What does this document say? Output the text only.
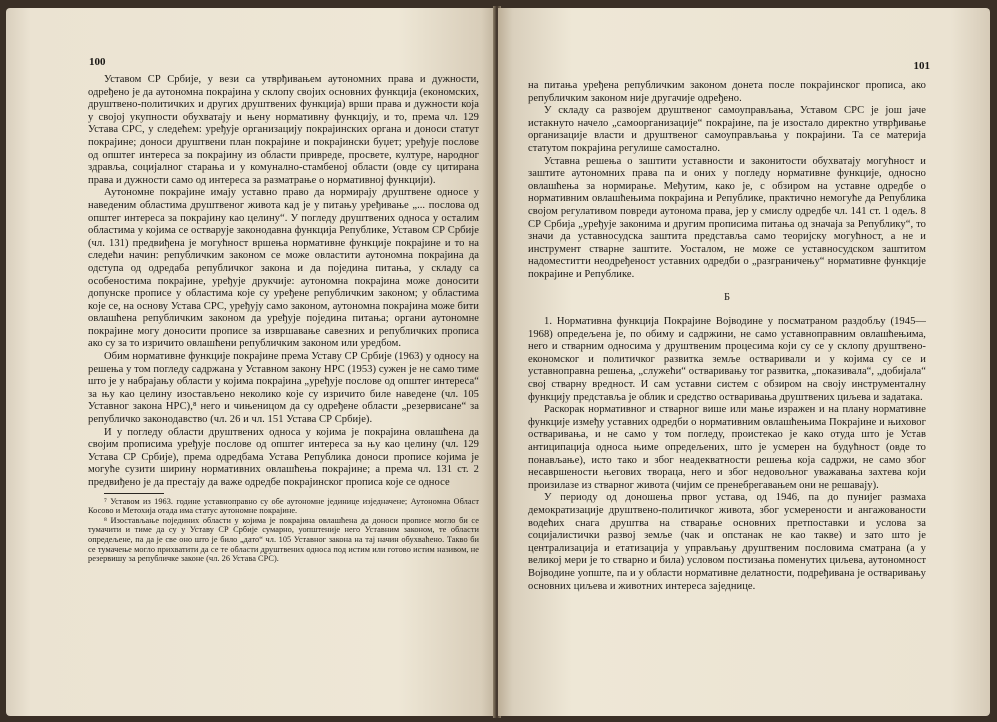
100

Уставом СР Србије, у вези са утврђивањем аутономних права и дужности, одређено је да аутономна покрајина у склопу својих основних функција (економских, друштвено-политичких и других друштвених функција) врши права и дужности која у својој укупности обухватају и њену нормативну функцију, и то, према чл. 129 Устава СРС, у следећем: уређује организацију покрајинских органа и доноси статут покрајине; доноси друштвени план покрајине и покрајински буџет; уређује послове од општег интереса за покрајину из области привреде, просвете, културе, народног здравља, социјалног старања и у комунално-стамбеној области (овде су цитирана права и дужности само од интереса за разматрање о нормативној функцији).

Аутономне покрајине имају уставно право да нормирају друштвене односе у наведеним областима друштвеног живота кад је у питању уређивање „... послова од општег интереса за покрајину као целину“. У погледу друштвених односа у осталим областима у којима се остварује законодавна функција Републике, Уставом СР Србије (чл. 131) предвиђена је могућност вршења нормативне функције покрајине и то на следећи начин: републичким законом се може овластити аутономна покрајина да одступа од одредаба републичког закона и да поједина питања, у складу са особеностима покрајине, уређује друкчије: аутономна покрајина може доносити допунске прописе у областима које су уређене републичким законом; у областима које се, на основу Устава СРС, уређују само законом, аутономна покрајина може бити овлашћена републичким законом да уређује поједина питања; органи аутономне покрајине могу доносити прописе за извршавање савезних и републичких прописа ако су за то изричито овлашћени републичким законом или уредбом.

Обим нормативне функције покрајине према Уставу СР Србије (1963) у односу на решења у том погледу садржана у Уставном закону НРС (1953) сужен је не само тиме што је у набрајању области у којима покрајина „уређује послове од општег интереса“ за њу као целину изостављено неколико које су изричито биле наведене (чл. 105 Уставног закона НРС),⁸ него и чињеницом да су одређене области „резервисане“ за републичко законодавство (чл. 26 и чл. 151 Устава СР Србије).

И у погледу области друштвених односа у којима је покрајина овлашћена да својим прописима уређује послове од општег интереса за њу као целину (чл. 129 Устава СР Србије), према одредбама Устава Република доноси прописе којима је могуће сузити ширину нормативних овлашћења покрајине; а према чл. 131 ст. 2 предвиђено је да престају да важе одредбе покрајинског прописа које се односе

⁷ Уставом из 1963. године уставноправно су обе аутономне јединице изједначене; Аутономна Област Косово и Метохија отада има статус аутономне покрајине.

⁸ Изостављање појединих области у којима је покрајина овлашћена да доноси прописе могло би се тумачити и тиме да су у Уставу СР Србије сумарно, уопштеније него Уставним законом, те области опредељене, па да је све оно што је било „дато“ чл. 105 Уставног закона на тај начин обухваћено. Такво би се тумачење могло прихватити да се те области друштвених односа под истим или готово истим називом, не резервишу за републичке законе (чл. 26 Устава СРС).

101

на питања уређена републичким законом донета после покрајинског прописа, ако републичким законом није другачије одређено.

У складу са развојем друштвеног самоуправљања, Уставом СРС је још јаче истакнуто начело „самоорганизације“ покрајине, па је изостало директно утврђивање организације власти и друштвеног самоуправљања у покрајини. Та се материја статутом покрајина регулише самостално.

Уставна решења о заштити уставности и законитости обухватају могућност и заштите аутономних права па и оних у погледу нормативне функције, односно овлашћења за нормирање. Међутим, како је, с обзиром на уставне одредбе о нормативним овлашћењима покрајина и Републике, практично немогуће да Република својом регулативом повреди аутонома права, јер у смислу одредбе чл. 141 ст. 1 одељ. 8 СР Србија „уређује законима и другим прописима питања од значаја за Републику“, то значи да уставносудска заштита представља само теоријску могућност, а не и инструмент стварне заштите. Уосталом, не може се уставносудском заштитом надоместитти неодређеност уставних одредби о „разграничењу“ нормативне функције покрајине и Републике.

Б

1. Нормативна функција Покрајине Војводине у посматраном раздобљу (1945—1968) опредељена је, по обиму и садржини, не само уставноправним овлашћењима, него и стварним односима у друштвеним процесима који су се у склопу друштвено-економског и политичког развитка земље остваривали и у којима су се и уставноправна решења, „служећи“ остваривању тог развитка, „показивала“, „добијала“ свој стварну вредност. И сам уставни систем с обзиром на своју инструменталну функцију представља је облик и средство остваривања друштвених циљева и задатака.

Раскорак нормативног и стварног више или мање изражен и на плану нормативне функције између уставних одредби о нормативним овлашћењима Покрајине и њиховог остваривања, и не само у том погледу, проистекао је како отуда што је Устав антиципација односа њиме опредељених, што је усмерен на будућност (овде то понављање), исто тако и због неадекватности решења која садржи, не само због несавршености његових твораца, него и због недовољног уважавања захтева који произилазе из стварног живота (чијим се пренебрегавањем они не решавају).

У периоду од доношења првог устава, од 1946, па до пунијег размаха демократизације друштвено-политичког живота, због усмерености и ангажованости водећих снага друштва на стварање основних претпоставки и услова за социјалистички развој земље (чак и опстанак не као такве) и зато што је централизација и етатизација у управљању друштвеним пословима сматрана (а у великој мери је то стварно и била) условом постизања поменутих циљева, аутономност Војводине уопште, па и у области нормативне делатности, подређивана је остваривању основних циљева и животних интереса заједнице.
